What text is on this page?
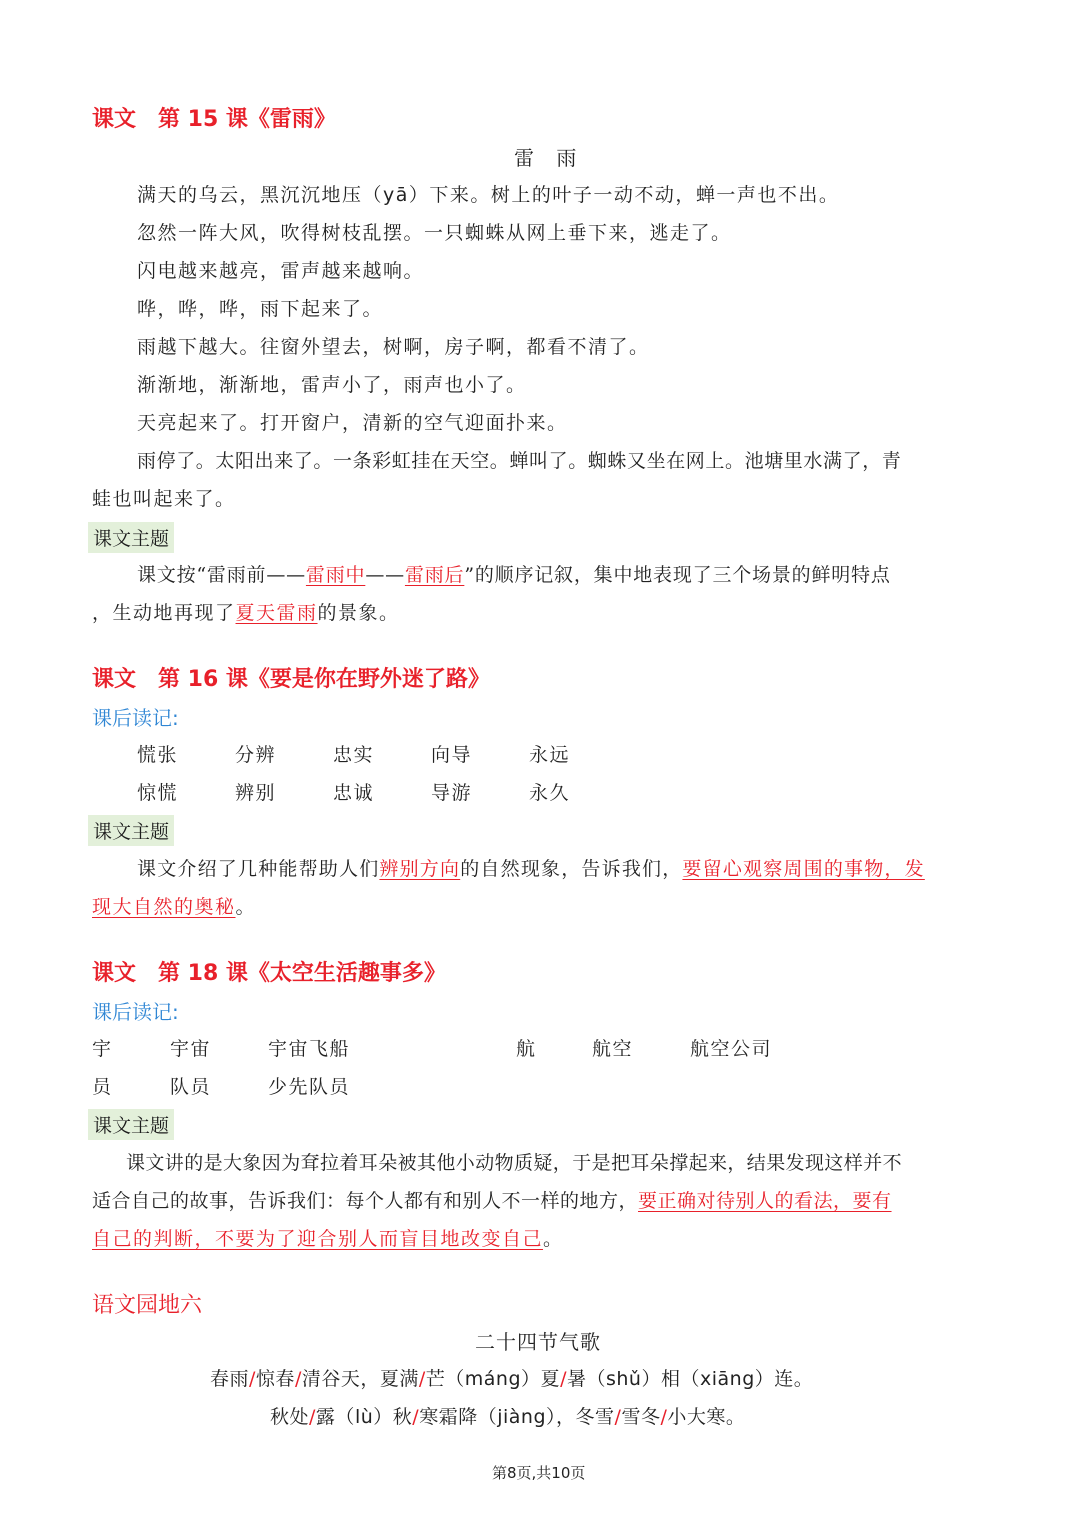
课文　第 15 课《雷雨》
雷 雨
满天的乌云，黑沉沉地压（yā）下来。树上的叶子一动不动，蝉一声也不出。
忽然一阵大风，吹得树枝乱摆。一只蜘蛛从网上垂下来，逃走了。
闪电越来越亮，雷声越来越响。
哗，哗，哗，雨下起来了。
雨越下越大。往窗外望去，树啊，房子啊，都看不清了。
渐渐地，渐渐地，雷声小了，雨声也小了。
天亮起来了。打开窗户，清新的空气迎面扑来。
雨停了。太阳出来了。一条彩虹挂在天空。蝉叫了。蜘蛛又坐在网上。池塘里水满了，青
蛙也叫起来了。
课文主题
课文按“雷雨前——雷雨中——雷雨后”的顺序记叙，集中地表现了三个场景的鲜明特点
，生动地再现了夏天雷雨的景象。
课文　第 16 课《要是你在野外迷了路》
课后读记:
慌张	分辨	忠实	向导	永远
惊慌	辨别	忠诚	导游	永久
课文主题
课文介绍了几种能帮助人们辨别方向的自然现象，告诉我们，要留心观察周围的事物，发
现大自然的奥秘。
课文　第 18 课《太空生活趣事多》
课后读记:
宇	宇宙	宇宙飞船	航	航空	航空公司
员	队员	少先队员
课文主题
课文讲的是大象因为耷拉着耳朵被其他小动物质疑，于是把耳朵撑起来，结果发现这样并不
适合自己的故事，告诉我们：每个人都有和别人不一样的地方，要正确对待别人的看法，要有
自己的判断，不要为了迎合别人而盲目地改变自己。
语文园地六
二十四节气歌
春雨/惊春/清谷天，夏满/芒（máng）夏/暑（shǔ）相（xiāng）连。
秋处/露（lù）秋/寒霜降（jiàng），冬雪/雪冬/小大寒。
第8页,共10页
